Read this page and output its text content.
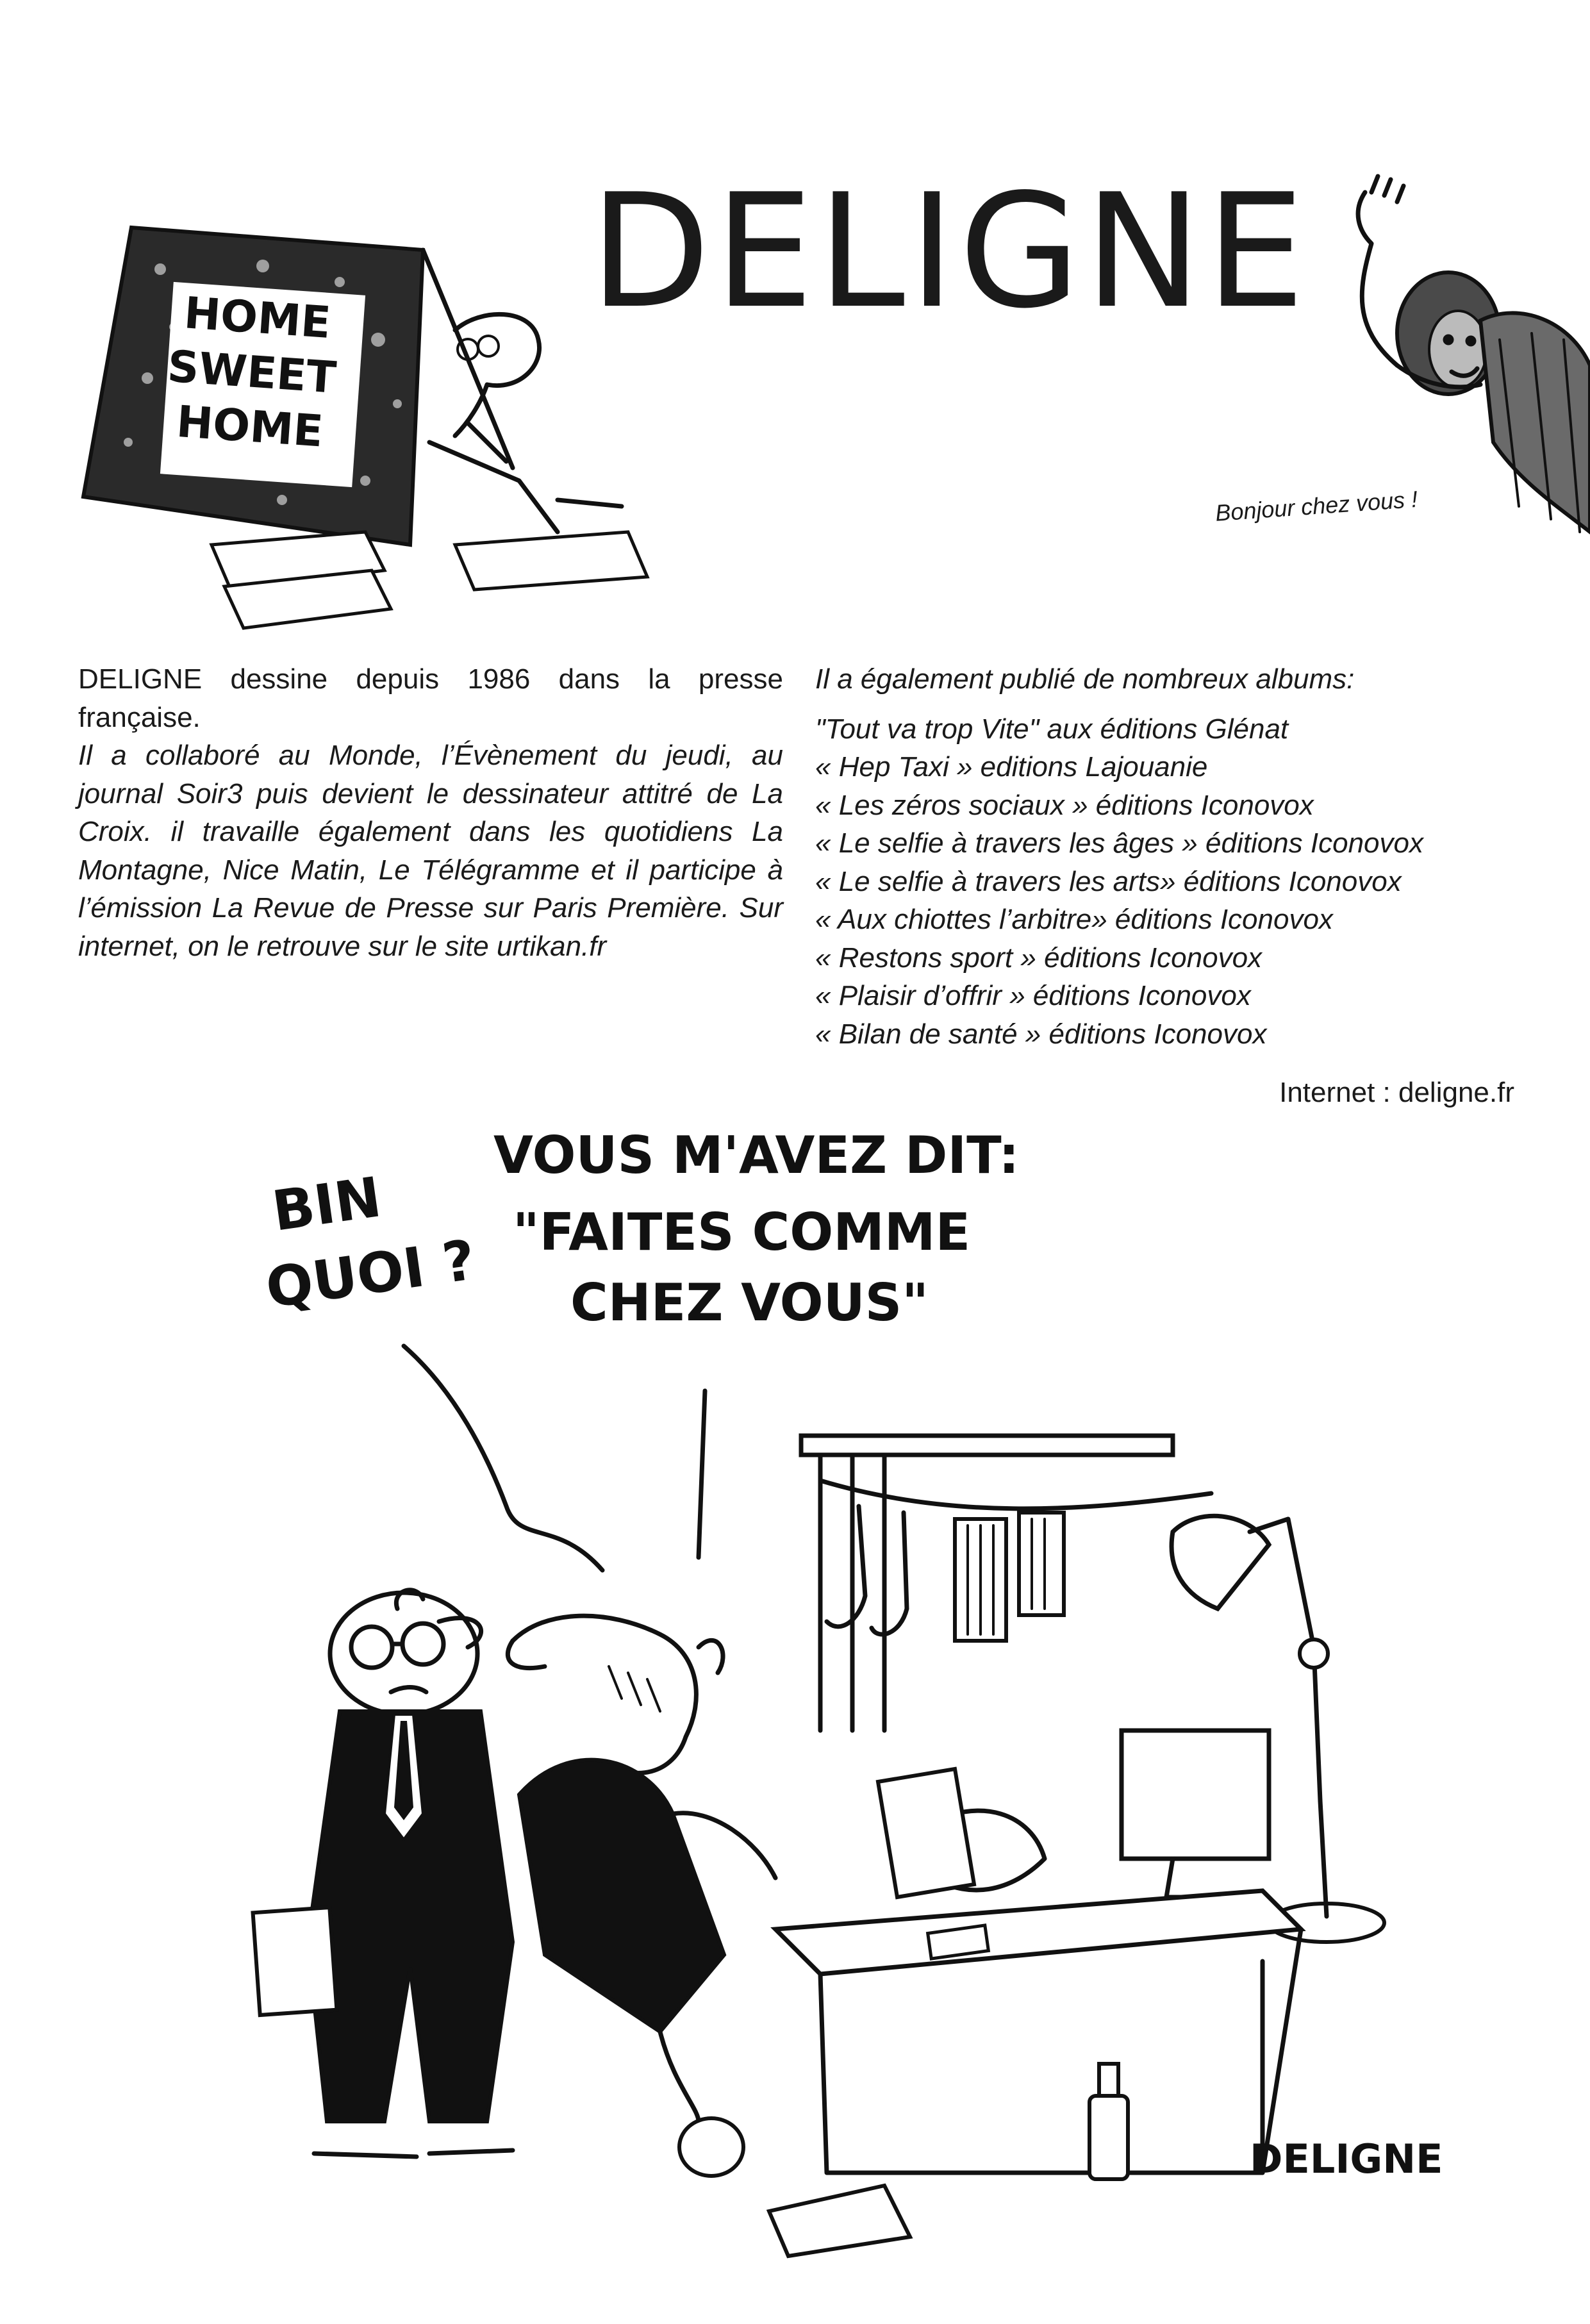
DELIGNE
HOME
SWEET
HOME
Bonjour chez vous !

DELIGNE dessine depuis 1986 dans la presse française.

Il a collaboré au Monde, l’Évènement du jeudi, au journal Soir3 puis devient le dessinateur attitré de La Croix. il travaille également dans les quotidiens La Montagne, Nice Matin, Le Télégramme et il participe à l’émission La Revue de Presse sur Paris Première. Sur internet, on le retrouve sur le site urtikan.fr

Il a également publié de nombreux albums:
"Tout va trop Vite" aux éditions Glénat
« Hep Taxi » editions Lajouanie
« Les zéros sociaux » éditions Iconovox
« Le selfie à travers les âges » éditions Iconovox
« Le selfie à travers les arts» éditions Iconovox
« Aux chiottes l’arbitre» éditions Iconovox
« Restons sport » éditions Iconovox
« Plaisir d’offrir » éditions Iconovox
« Bilan de santé » éditions Iconovox
Internet : deligne.fr
BIN
QUOI ?
VOUS M'AVEZ DIT:
"FAITES COMME
CHEZ VOUS"
DELIGNE
